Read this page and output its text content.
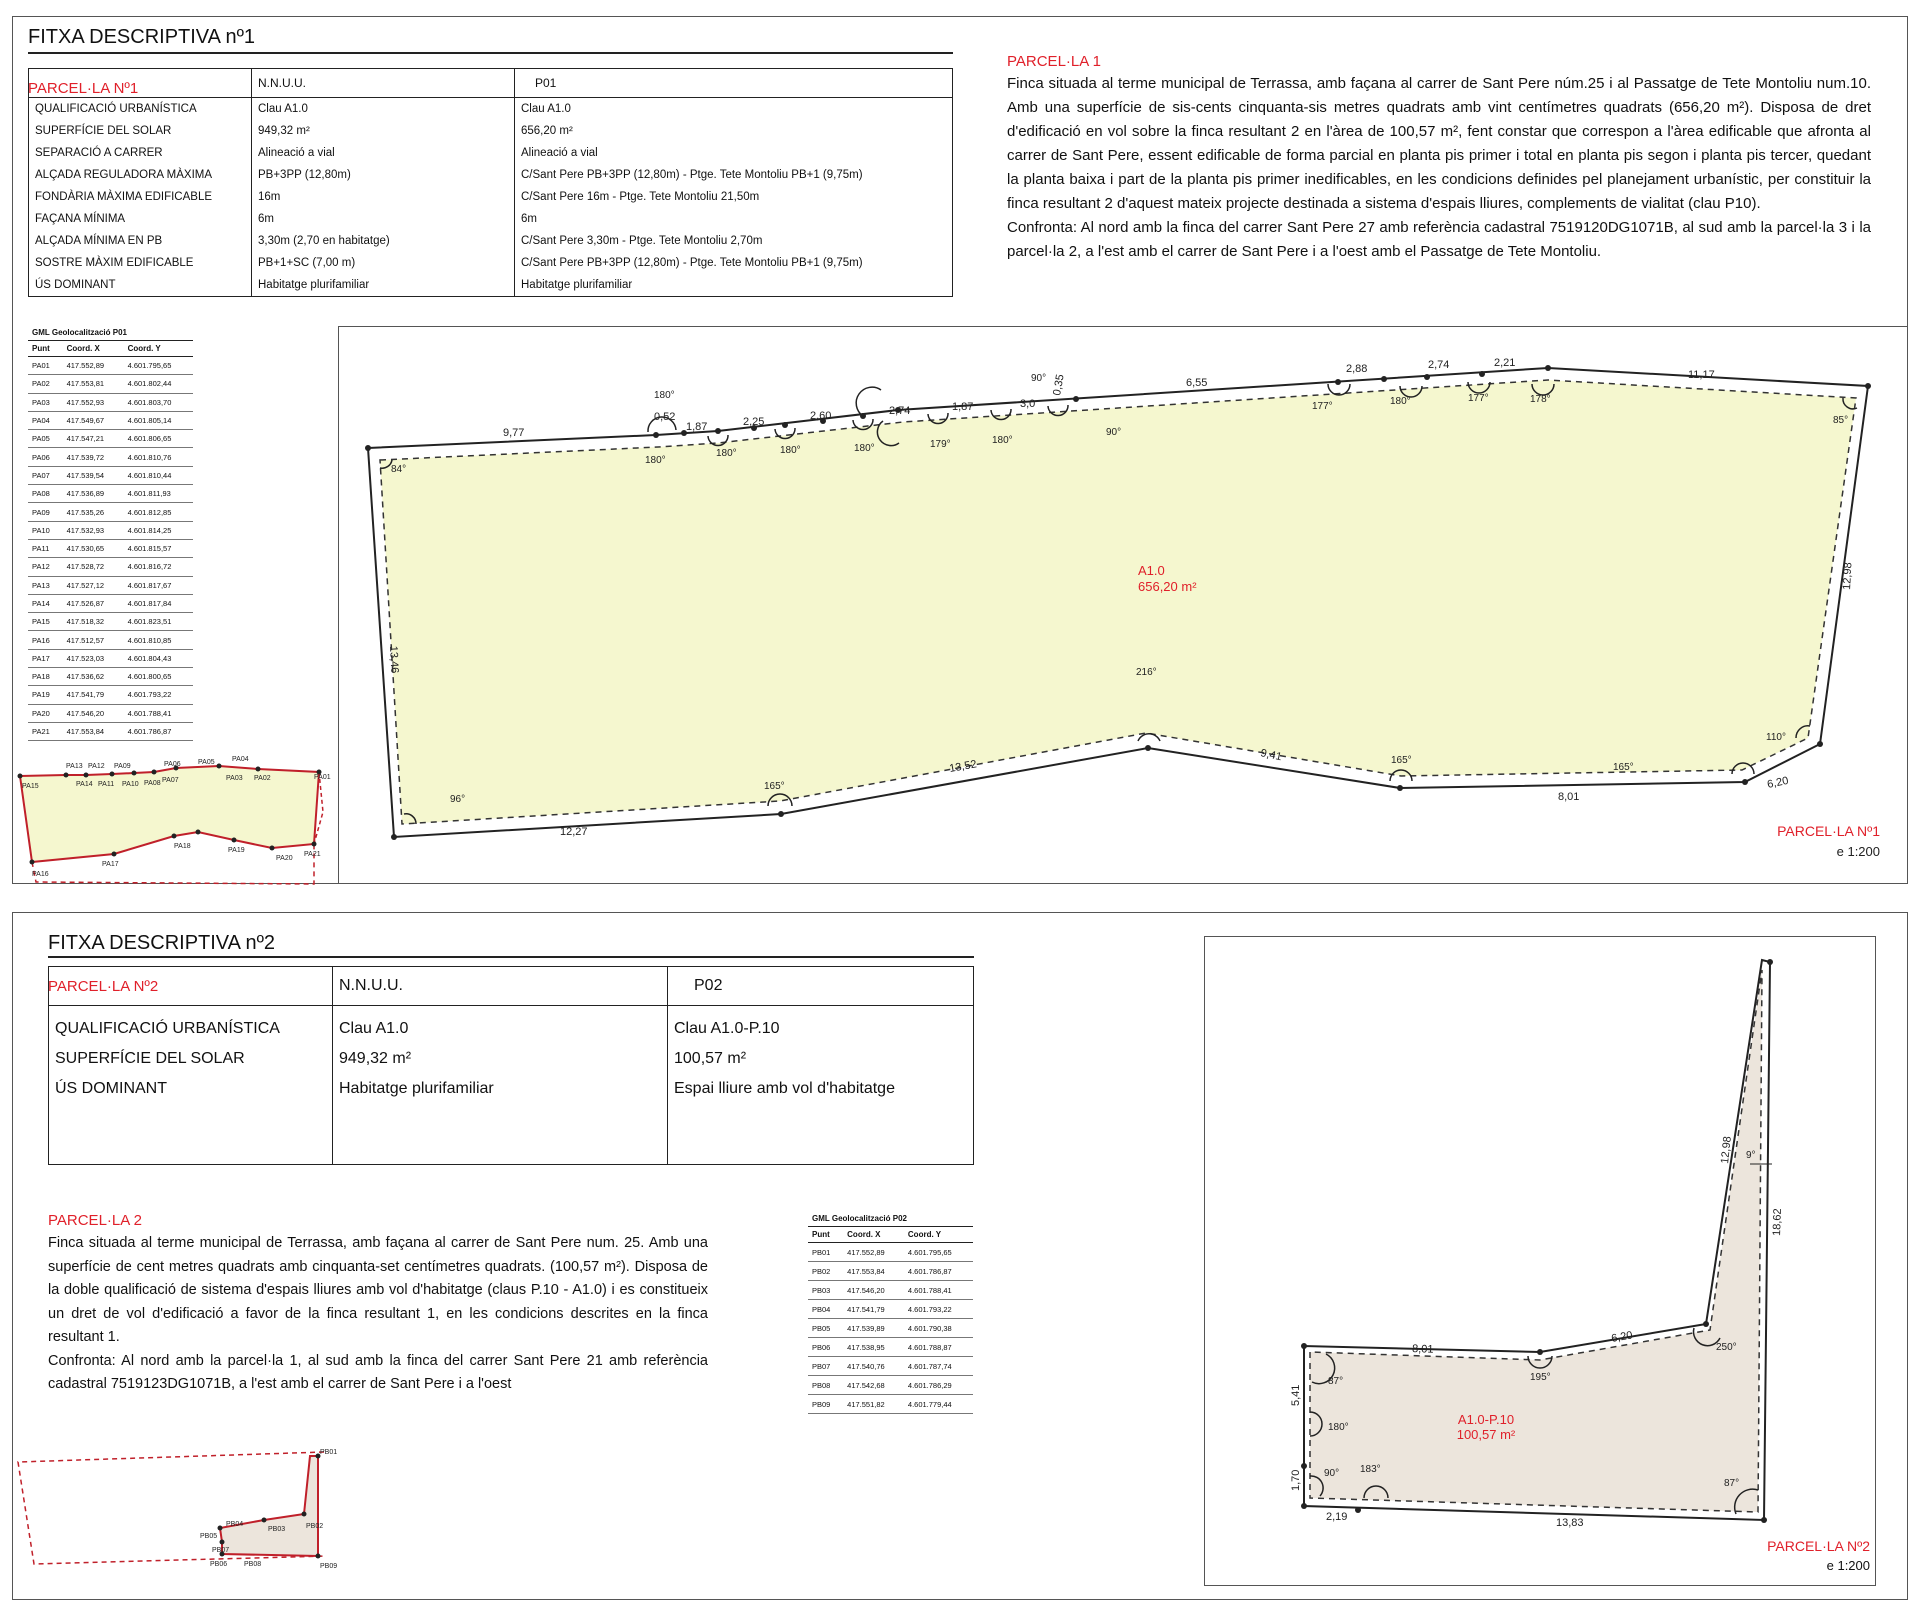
FITXA DESCRIPTIVA nº1
PARCEL·LA Nº1
		N.N.U.U.	P01
QUALIFICACIÓ URBANÍSTICA	Clau A1.0	Clau A1.0
SUPERFÍCIE DEL SOLAR	949,32 m²	656,20 m²
SEPARACIÓ A CARRER	Alineació a vial	Alineació a vial
ALÇADA REGULADORA MÀXIMA	PB+3PP (12,80m)	C/Sant Pere PB+3PP (12,80m) - Ptge. Tete Montoliu PB+1 (9,75m)
FONDÀRIA MÀXIMA EDIFICABLE	16m	C/Sant Pere 16m - Ptge. Tete Montoliu 21,50m
FAÇANA MÍNIMA	6m	6m
ALÇADA MÍNIMA EN PB	3,30m (2,70 en habitatge)	C/Sant Pere 3,30m - Ptge. Tete Montoliu 2,70m
SOSTRE MÀXIM EDIFICABLE	PB+1+SC (7,00 m)	C/Sant Pere PB+3PP (12,80m) - Ptge. Tete Montoliu PB+1 (9,75m)
ÚS DOMINANT	Habitatge plurifamiliar	Habitatge plurifamiliar
PARCEL·LA 1

Finca situada al terme municipal de Terrassa, amb façana al carrer de Sant Pere núm.25 i al Passatge de Tete Montoliu num.10. Amb una superfície de sis-cents cinquanta-sis metres quadrats amb vint centímetres quadrats (656,20 m²). Disposa de dret d'edificació en vol sobre la finca resultant 2 en l'àrea de 100,57 m², fent constar que correspon a l'àrea edificable que afronta al carrer de Sant Pere, essent edificable de forma parcial en planta pis primer i total en planta pis segon i planta pis tercer, quedant la planta baixa i part de la planta pis primer inedificables, en les condicions definides pel planejament urbanístic, per constituir la finca resultant 2 d'aquest mateix projecte destinada a sistema d'espais lliures, complements de vialitat (clau P10).

Confronta: Al nord amb la finca del carrer Sant Pere 27 amb referència cadastral 7519120DG1071B, al sud amb la parcel·la 3 i la parcel·la 2, a l'est amb el carrer de Sant Pere i a l'oest amb el Passatge de Tete Montoliu.

GML Geolocalització P01
Punt	Coord. X	Coord. Y
PA01	417.552,89	4.601.795,65
PA02	417.553,81	4.601.802,44
PA03	417.552,93	4.601.803,70
PA04	417.549,67	4.601.805,14
PA05	417.547,21	4.601.806,65
PA06	417.539,72	4.601.810,76
PA07	417.539,54	4.601.810,44
PA08	417.536,89	4.601.811,93
PA09	417.535,26	4.601.812,85
PA10	417.532,93	4.601.814,25
PA11	417.530,65	4.601.815,57
PA12	417.528,72	4.601.816,72
PA13	417.527,12	4.601.817,67
PA14	417.526,87	4.601.817,84
PA15	417.518,32	4.601.823,51
PA16	417.512,57	4.601.810,85
PA17	417.523,03	4.601.804,43
PA18	417.536,62	4.601.800,65
PA19	417.541,79	4.601.793,22
PA20	417.546,20	4.601.788,41
PA21	417.553,84	4.601.786,87
PA15
PA13 PA12
PA14 PA11 PA10
PA09
PA08 PA07
PA06 PA05 PA04
PA03 PA02	PA01
PA21
PA20
PA19
PA18
PA17
PA16
9,77
0,52
1,87	2,25	2,60	2,74	1,87	3,0
0,35	6,55
2,88	2,74	2,21
11,17
12,98
9,41
8,01
6,20
12,27
13,52
13,46
180°
180°
180°	180°	180°	179°	180°
90°
90°
177°	180°	177°	178°
85°
84°
216°
96°
165°
165°
165°
110°
A1.0
656,20 m²
PARCEL·LA Nº1
e 1:200
FITXA DESCRIPTIVA nº2
PARCEL·LA Nº2
		N.N.U.U.	P02
QUALIFICACIÓ URBANÍSTICA	Clau A1.0	Clau A1.0-P.10
SUPERFÍCIE DEL SOLAR	949,32 m²	100,57 m²
ÚS DOMINANT	Habitatge plurifamiliar	Espai lliure amb vol d'habitatge

PARCEL·LA 2

Finca situada al terme municipal de Terrassa, amb façana al carrer de Sant Pere num. 25. Amb una superfície de cent metres quadrats amb cinquanta-set centímetres quadrats. (100,57 m²). Disposa de la doble qualificació de sistema d'espais lliures amb vol d'habitatge (claus P.10 - A1.0) i es constitueix un dret de vol d'edificació a favor de la finca resultant 1, en les condicions descrites en la finca resultant 1.

Confronta: Al nord amb la parcel·la 1, al sud amb la finca del carrer Sant Pere 21 amb referència cadastral 7519123DG1071B, a l'est amb el carrer de Sant Pere i a l'oest

GML Geolocalització P02
Punt	Coord. X	Coord. Y
PB01	417.552,89	4.601.795,65
PB02	417.553,84	4.601.786,87
PB03	417.546,20	4.601.788,41
PB04	417.541,79	4.601.793,22
PB05	417.539,89	4.601.790,38
PB06	417.538,95	4.601.788,87
PB07	417.540,76	4.601.787,74
PB08	417.542,68	4.601.786,29
PB09	417.551,82	4.601.779,44
PB01
PB02
PB03
PB04
PB05
PB07
PB06 PB08	PB09
12,98
18,62
8,01
6,20
5,41
1,70
2,19	13,83
9°
87°	195°
250°
180°
90° 183°
87°
A1.0-P.10
100,57 m²
PARCEL·LA Nº2
e 1:200
